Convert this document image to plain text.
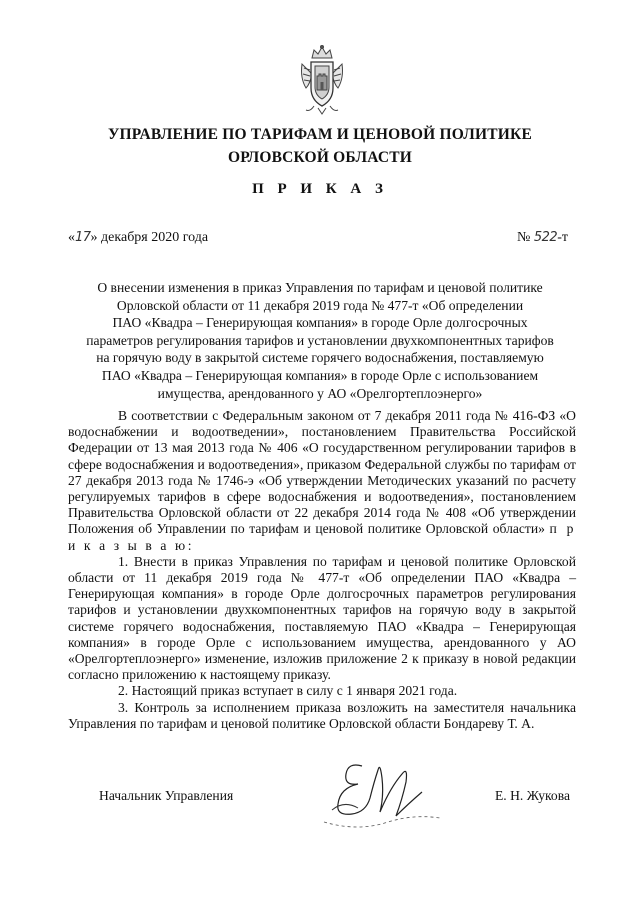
УПРАВЛЕНИЕ ПО ТАРИФАМ И ЦЕНОВОЙ ПОЛИТИКЕ
ОРЛОВСКОЙ ОБЛАСТИ
П Р И К А З
«17» декабря 2020 года	№ 522-т
О внесении изменения в приказ Управления по тарифам и ценовой политике
Орловской области от 11 декабря 2019 года № 477-т «Об определении
ПАО «Квадра – Генерирующая компания» в городе Орле долгосрочных
параметров регулирования тарифов и установлении двухкомпонентных тарифов
на горячую воду в закрытой системе горячего водоснабжения, поставляемую
ПАО «Квадра – Генерирующая компания» в городе Орле с использованием
имущества, арендованного у АО «Орелгортеплоэнерго»

В соответствии с Федеральным законом от 7 декабря 2011 года № 416-ФЗ «О водоснабжении и водоотведении», постановлением Правительства Российской Федерации от 13 мая 2013 года № 406 «О государственном регулировании тарифов в сфере водоснабжения и водоотведения», приказом Федеральной службы по тарифам от 27 декабря 2013 года № 1746-э «Об утверждении Методических указаний по расчету регулируемых тарифов в сфере водоснабжения и водоотведения», постановлением Правительства Орловской области от 22 декабря 2014 года № 408 «Об утверждении Положения об Управлении по тарифам и ценовой политике Орловской области» п р и к а з ы в а ю:

1. Внести в приказ Управления по тарифам и ценовой политике Орловской области от 11 декабря 2019 года № 477-т «Об определении ПАО «Квадра – Генерирующая компания» в городе Орле долгосрочных параметров регулирования тарифов и установлении двухкомпонентных тарифов на горячую воду в закрытой системе горячего водоснабжения, поставляемую ПАО «Квадра – Генерирующая компания» в городе Орле с использованием имущества, арендованного у АО «Орелгортеплоэнерго» изменение, изложив приложение 2 к приказу в новой редакции согласно приложению к настоящему приказу.

2. Настоящий приказ вступает в силу с 1 января 2021 года.

3. Контроль за исполнением приказа возложить на заместителя начальника Управления по тарифам и ценовой политике Орловской области Бондареву Т. А.

Начальник Управления	Е. Н. Жукова
